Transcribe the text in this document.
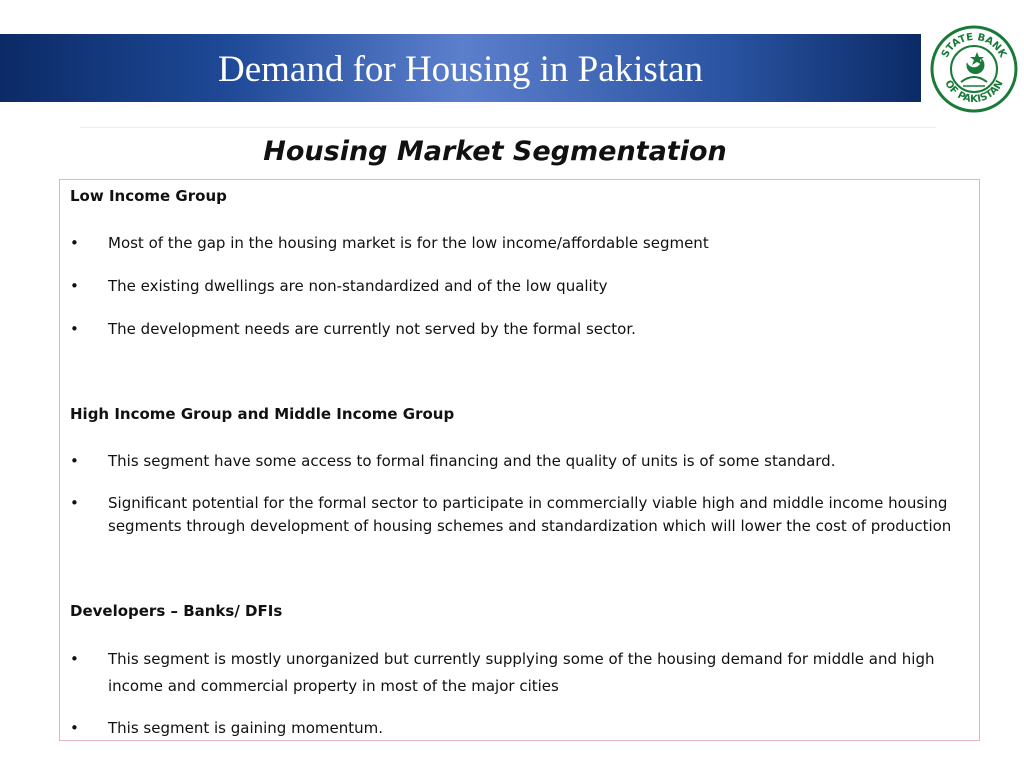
Demand for Housing in Pakistan	STATE BANK
OF PAKISTAN
Housing Market Segmentation
Low Income Group
• Most of the gap in the housing market is for the low income/affordable segment
• The existing dwellings are non-standardized and of the low quality
• The development needs are currently not served by the formal sector.
High Income Group and Middle Income Group
• This segment have some access to formal financing and the quality of units is of some standard.
• Significant potential for the formal sector to participate in commercially viable high and middle income housing segments through development of housing schemes and standardization which will lower the cost of production
Developers – Banks/ DFIs
• This segment is mostly unorganized but currently supplying some of the housing demand for middle and high income and commercial property in most of the major cities
• This segment is gaining momentum.
